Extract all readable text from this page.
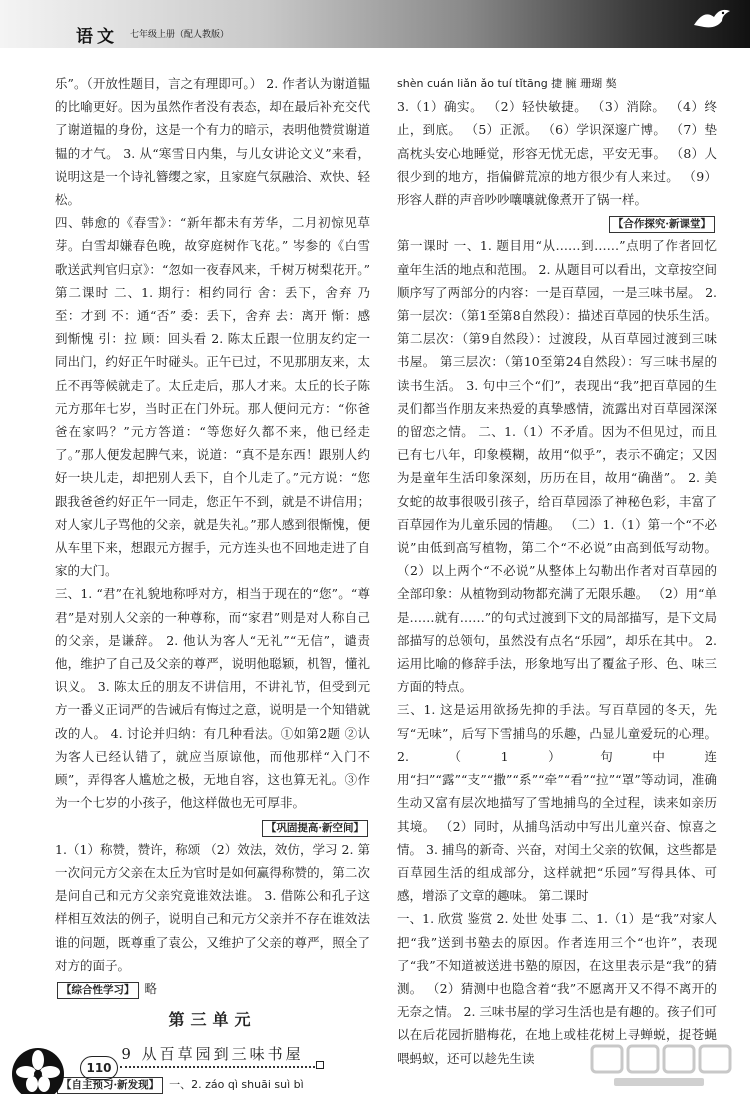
语文 七年级上册（配人教版）

乐”。（开放性题目，言之有理即可。） 2. 作者认为谢道韫的比喻更好。因为虽然作者没有表态，却在最后补充交代了谢道韫的身份，这是一个有力的暗示，表明他赞赏谢道韫的才气。 3. 从“寒雪日内集，与儿女讲论文义”来看，说明这是一个诗礼簪缨之家，且家庭气氛融洽、欢快、轻松。

四、韩愈的《春雪》：“新年都未有芳华，二月初惊见草芽。白雪却嫌春色晚，故穿庭树作飞花。” 岑参的《白雪歌送武判官归京》：“忽如一夜春风来，千树万树梨花开。” 第二课时 二、1. 期行：相约同行 舍：丢下，舍弃 乃至：才到 不：通“否” 委：丢下，舍弃 去：离开 惭：感到惭愧 引：拉 顾：回头看 2. 陈太丘跟一位朋友约定一同出门，约好正午时碰头。正午已过，不见那朋友来，太丘不再等候就走了。太丘走后，那人才来。太丘的长子陈元方那年七岁，当时正在门外玩。那人便问元方：“你爸爸在家吗？”元方答道：“等您好久都不来，他已经走了。”那人便发起脾气来，说道：“真不是东西！跟别人约好一块儿走，却把别人丢下，自个儿走了。”元方说：“您跟我爸爸约好正午一同走，您正午不到，就是不讲信用；对人家儿子骂他的父亲，就是失礼。”那人感到很惭愧，便从车里下来，想跟元方握手，元方连头也不回地走进了自家的大门。

三、1. “君”在礼貌地称呼对方，相当于现在的“您”。“尊君”是对别人父亲的一种尊称，而“家君”则是对人称自己的父亲，是谦辞。 2. 他认为客人“无礼”“无信”，谴责他，维护了自己及父亲的尊严，说明他聪颖，机智，懂礼识义。 3. 陈太丘的朋友不讲信用，不讲礼节，但受到元方一番义正词严的告诫后有悔过之意，说明是一个知错就改的人。 4. 讨论并归纳：有几种看法。①如第2题 ②认为客人已经认错了，就应当原谅他，而他那样“入门不顾”，弄得客人尴尬之极，无地自容，这也算无礼。③作为一个七岁的小孩子，他这样做也无可厚非。

【巩固提高·新空间】

1.（1）称赞，赞许，称颂 （2）效法，效仿，学习 2. 第一次问元方父亲在太丘为官时是如何赢得称赞的，第二次是问自己和元方父亲究竟谁效法谁。 3. 借陈公和孔子这样相互效法的例子，说明自己和元方父亲并不存在谁效法谁的问题，既尊重了袁公，又维护了父亲的尊严，照全了对方的面子。

【综合性学习】 略

第三单元
9 从百草园到三味书屋

【自主预习·新发现】 一、2. záo qì shuāi suì bì

shèn cuán liǎn ǎo tuí tǐtāng 捷 臃 珊瑚 獒

3.（1）确实。 （2）轻快敏捷。 （3）消除。 （4）终止，到底。 （5）正派。 （6）学识深邃广博。 （7）垫高枕头安心地睡觉，形容无忧无虑，平安无事。 （8）人很少到的地方，指偏僻荒凉的地方很少有人来过。 （9）形容人群的声音吵吵嚷嚷就像煮开了锅一样。

【合作探究·新课堂】

第一课时 一、1. 题目用“从……到……”点明了作者回忆童年生活的地点和范围。 2. 从题目可以看出，文章按空间顺序写了两部分的内容：一是百草园，一是三味书屋。 2. 第一层次：（第1至第8自然段）：描述百草园的快乐生活。 第二层次：（第9自然段）：过渡段，从百草园过渡到三味书屋。 第三层次：（第10至第24自然段）：写三味书屋的读书生活。 3. 句中三个“们”，表现出“我”把百草园的生灵们都当作朋友来热爱的真挚感情，流露出对百草园深深的留恋之情。 二、1.（1）不矛盾。因为不但见过，而且已有七八年，印象模糊，故用“似乎”，表示不确定；又因为是童年生活印象深刻，历历在目，故用“确凿”。 2. 美女蛇的故事很吸引孩子，给百草园添了神秘色彩，丰富了百草园作为儿童乐园的情趣。 （二）1.（1）第一个“不必说”由低到高写植物，第二个“不必说”由高到低写动物。 （2）以上两个“不必说”从整体上勾勒出作者对百草园的全部印象：从植物到动物都充满了无限乐趣。 （2）用“单是……就有……”的句式过渡到下文的局部描写，是下文局部描写的总领句，虽然没有点名“乐园”，却乐在其中。 2. 运用比喻的修辞手法，形象地写出了覆盆子形、色、味三方面的特点。

三、1. 这是运用欲扬先抑的手法。写百草园的冬天，先写“无味”，后写下雪捕鸟的乐趣，凸显儿童爱玩的心理。 2.（1）句中连用“扫”“露”“支”“撒”“系”“牵”“看”“拉”“罩”等动词，准确生动又富有层次地描写了雪地捕鸟的全过程，读来如亲历其境。 （2）同时，从捕鸟活动中写出儿童兴奋、惊喜之情。 3. 捕鸟的新奇、兴奋，对闰土父亲的钦佩，这些都是百草园生活的组成部分，这样就把“乐园”写得具体、可感，增添了文章的趣味。 第二课时

一、1. 欣赏 鉴赏 2. 处世 处事 二、1.（1）是“我”对家人把“我”送到书塾去的原因。作者连用三个“也许”，表现了“我”不知道被送进书塾的原因，在这里表示是“我”的猜测。 （2）猜测中也隐含着“我”不愿离开又不得不离开的无奈之情。 2. 三味书屋的学习生活也是有趣的。孩子们可以在后花园折腊梅花，在地上或桂花树上寻蝉蜕，捉苍蝇喂蚂蚁，还可以趁先生读

110
